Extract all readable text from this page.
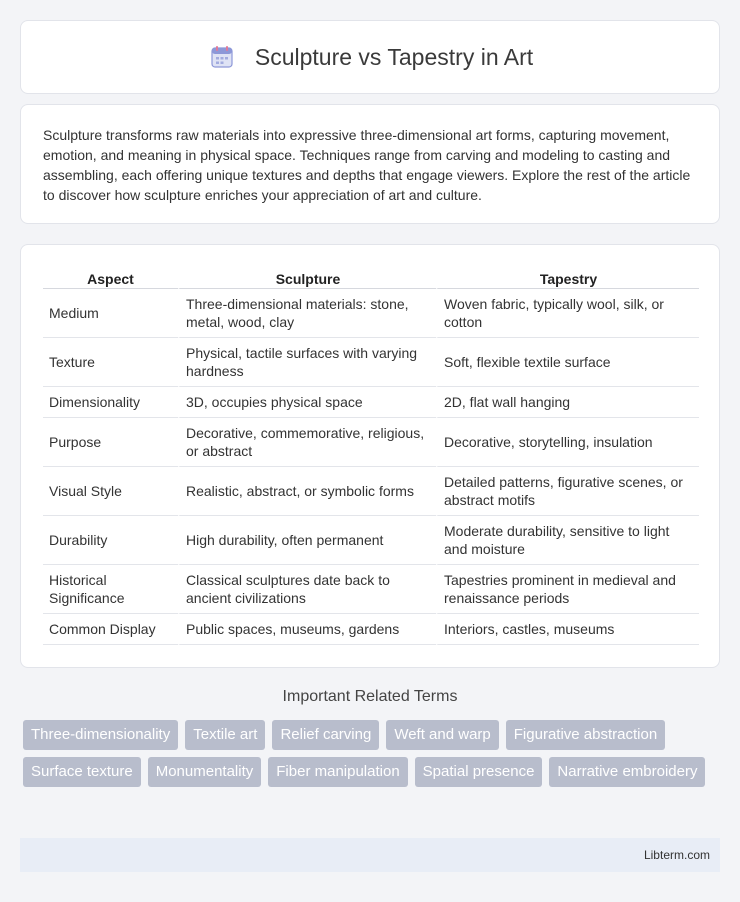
Sculpture vs Tapestry in Art

Sculpture transforms raw materials into expressive three-dimensional art forms, capturing movement, emotion, and meaning in physical space. Techniques range from carving and modeling to casting and assembling, each offering unique textures and depths that engage viewers. Explore the rest of the article to discover how sculpture enriches your appreciation of art and culture.

Aspect	Sculpture	Tapestry
Medium	Three-dimensional materials: stone, metal, wood, clay	Woven fabric, typically wool, silk, or cotton
Texture	Physical, tactile surfaces with varying hardness	Soft, flexible textile surface
Dimensionality	3D, occupies physical space	2D, flat wall hanging
Purpose	Decorative, commemorative, religious, or abstract	Decorative, storytelling, insulation
Visual Style	Realistic, abstract, or symbolic forms	Detailed patterns, figurative scenes, or abstract motifs
Durability	High durability, often permanent	Moderate durability, sensitive to light and moisture
Historical Significance	Classical sculptures date back to ancient civilizations	Tapestries prominent in medieval and renaissance periods
Common Display	Public spaces, museums, gardens	Interiors, castles, museums
Important Related Terms
Three-dimensionality	Textile art	Relief carving	Weft and warp	Figurative abstraction
Surface texture	Monumentality	Fiber manipulation	Spatial presence	Narrative embroidery
Libterm.com
